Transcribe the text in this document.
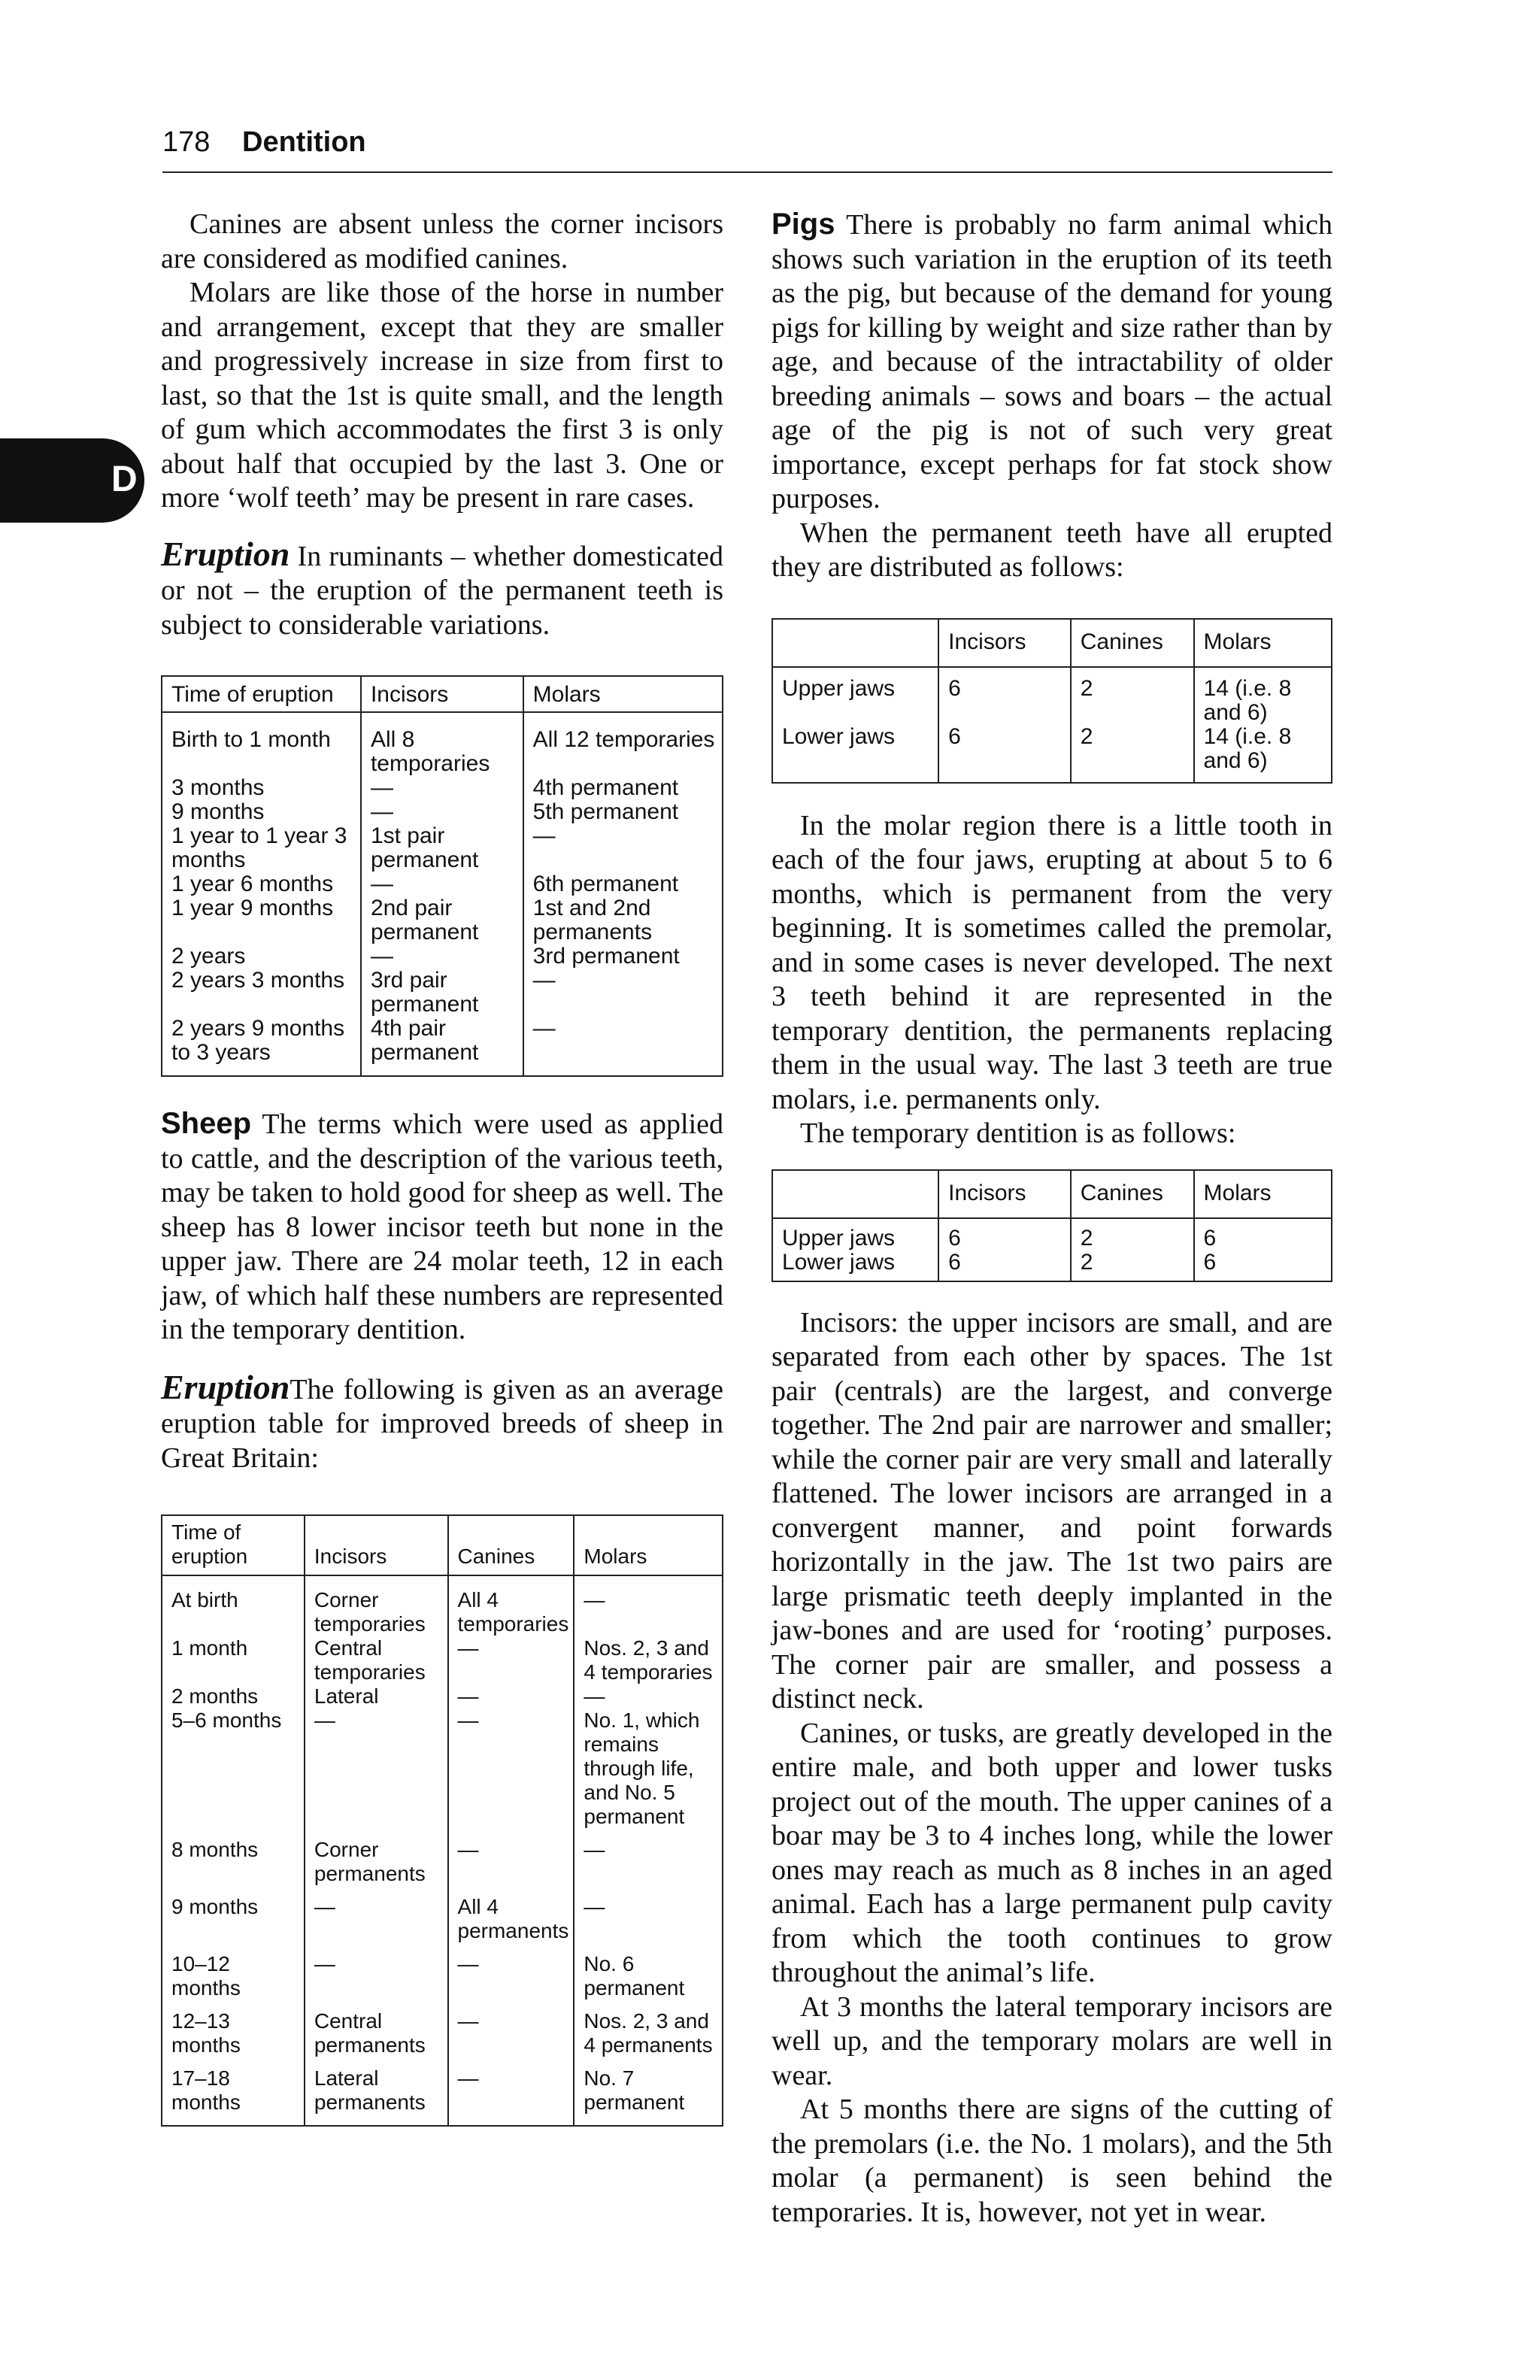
178 Dentition
D

Canines are absent unless the corner incisors are considered as modified canines.

Molars are like those of the horse in number and arrangement, except that they are smaller and progressively increase in size from first to last, so that the 1st is quite small, and the length of gum which accommodates the first 3 is only about half that occupied by the last 3. One or more ‘wolf teeth’ may be present in rare cases.

Eruption In ruminants – whether domesticated or not – the eruption of the permanent teeth is subject to considerable variations.

Time of eruption	Incisors	Molars
Birth to 1 month	All 8 temporaries	All 12 temporaries
3 months	—	4th permanent
9 months	—	5th permanent
1 year to 1 year 3 months	1st pair permanent	—
1 year 6 months	—	6th permanent
1 year 9 months	2nd pair permanent	1st and 2nd permanents
2 years	—	3rd permanent
2 years 3 months	3rd pair permanent	—
2 years 9 months to 3 years	4th pair permanent	—

Sheep The terms which were used as applied to cattle, and the description of the various teeth, may be taken to hold good for sheep as well. The sheep has 8 lower incisor teeth but none in the upper jaw. There are 24 molar teeth, 12 in each jaw, of which half these numbers are represented in the temporary dentition.

EruptionThe following is given as an average eruption table for improved breeds of sheep in Great Britain:

Time of eruption	Incisors	Canines	Molars
At birth	Corner temporaries	All 4 temporaries	—
1 month	Central temporaries	—	Nos. 2, 3 and 4 temporaries
2 months	Lateral	—	—
5–6 months	—	—	No. 1, which remains through life, and No. 5 permanent
8 months	Corner permanents	—	—
9 months	—	All 4 permanents	—
10–12 months	—	—	No. 6 permanent
12–13 months	Central permanents	—	Nos. 2, 3 and 4 permanents
17–18 months	Lateral permanents	—	No. 7 permanent

Pigs There is probably no farm animal which shows such variation in the eruption of its teeth as the pig, but because of the demand for young pigs for killing by weight and size rather than by age, and because of the intractability of older breeding animals – sows and boars – the actual age of the pig is not of such very great importance, except perhaps for fat stock show purposes.

When the permanent teeth have all erupted they are distributed as follows:

	Incisors	Canines	Molars
Upper jaws	6	2	14 (i.e. 8 and 6)
Lower jaws	6	2	14 (i.e. 8 and 6)

In the molar region there is a little tooth in each of the four jaws, erupting at about 5 to 6 months, which is permanent from the very beginning. It is sometimes called the premolar, and in some cases is never developed. The next 3 teeth behind it are represented in the temporary dentition, the permanents replacing them in the usual way. The last 3 teeth are true molars, i.e. permanents only.

The temporary dentition is as follows:

	Incisors	Canines	Molars
Upper jaws	6	2	6
Lower jaws	6	2	6

Incisors: the upper incisors are small, and are separated from each other by spaces. The 1st pair (centrals) are the largest, and converge together. The 2nd pair are narrower and smaller; while the corner pair are very small and laterally flattened. The lower incisors are arranged in a convergent manner, and point forwards horizontally in the jaw. The 1st two pairs are large prismatic teeth deeply implanted in the jaw-bones and are used for ‘rooting’ purposes. The corner pair are smaller, and possess a distinct neck.

Canines, or tusks, are greatly developed in the entire male, and both upper and lower tusks project out of the mouth. The upper canines of a boar may be 3 to 4 inches long, while the lower ones may reach as much as 8 inches in an aged animal. Each has a large permanent pulp cavity from which the tooth continues to grow throughout the animal’s life.

At 3 months the lateral temporary incisors are well up, and the temporary molars are well in wear.

At 5 months there are signs of the cutting of the premolars (i.e. the No. 1 molars), and the 5th molar (a permanent) is seen behind the temporaries. It is, however, not yet in wear.
